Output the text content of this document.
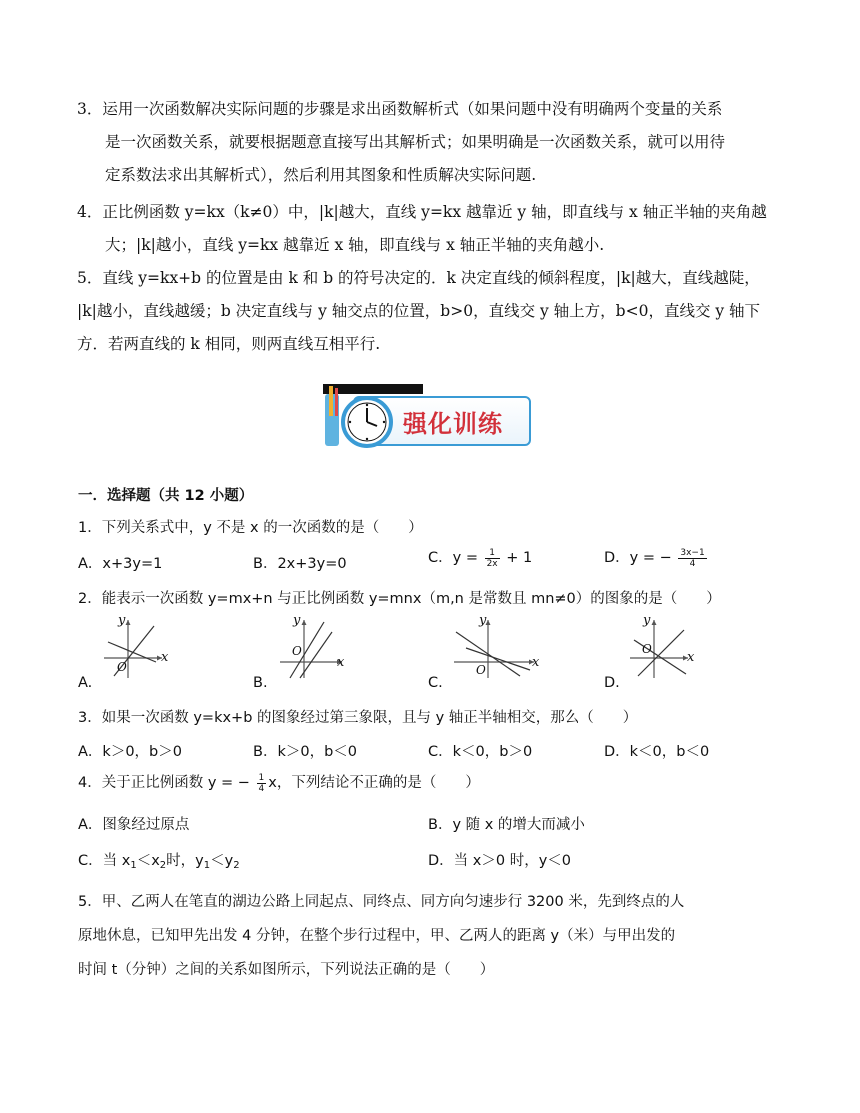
3．运用一次函数解决实际问题的步骤是求出函数解析式（如果问题中没有明确两个变量的关系
是一次函数关系，就要根据题意直接写出其解析式；如果明确是一次函数关系，就可以用待
定系数法求出其解析式），然后利用其图象和性质解决实际问题.
4．正比例函数 y=kx（k≠0）中，|k|越大，直线 y=kx 越靠近 y 轴，即直线与 x 轴正半轴的夹角越
大；|k|越小，直线 y=kx 越靠近 x 轴，即直线与 x 轴正半轴的夹角越小.
5．直线 y=kx+b 的位置是由 k 和 b 的符号决定的．k 决定直线的倾斜程度，|k|越大，直线越陡，
|k|越小，直线越缓；b 决定直线与 y 轴交点的位置，b>0，直线交 y 轴上方，b<0，直线交 y 轴下
方．若两直线的 k 相同，则两直线互相平行.
强化训练
一．选择题（共 12 小题）
1．下列关系式中，y 不是 x 的一次函数的是（　　）
A．x+3y=1	B．2x+3y=0	C．$y = \frac{1}{2x} + 1$	D．y = − $\frac{3x-1}{4}$
2．能表示一次函数 y=mx+n 与正比例函数 y=mnx（m,n 是常数且 mn≠0）的图象的是（　　）
y
x
O
A.
y
x
O
B.
y
x
O
C.
y
x
O
D.
3．如果一次函数 y=kx+b 的图象经过第三象限，且与 y 轴正半轴相交，那么（　　）
A．k＞0，b＞0	B．k＞0，b＜0	C．k＜0，b＞0	D．k＜0，b＜0
4．关于正比例函数 y = − $\frac{1}{4}$ x，下列结论不正确的是（　　）
A．图象经过原点	B．y 随 x 的增大而减小
C．当 $x_1<x_2$时，$y_1<y_2$	D．当 x＞0 时，y＜0
5．甲、乙两人在笔直的湖边公路上同起点、同终点、同方向匀速步行 3200 米，先到终点的人
原地休息，已知甲先出发 4 分钟，在整个步行过程中，甲、乙两人的距离 y（米）与甲出发的
时间 t（分钟）之间的关系如图所示，下列说法正确的是（　　）
